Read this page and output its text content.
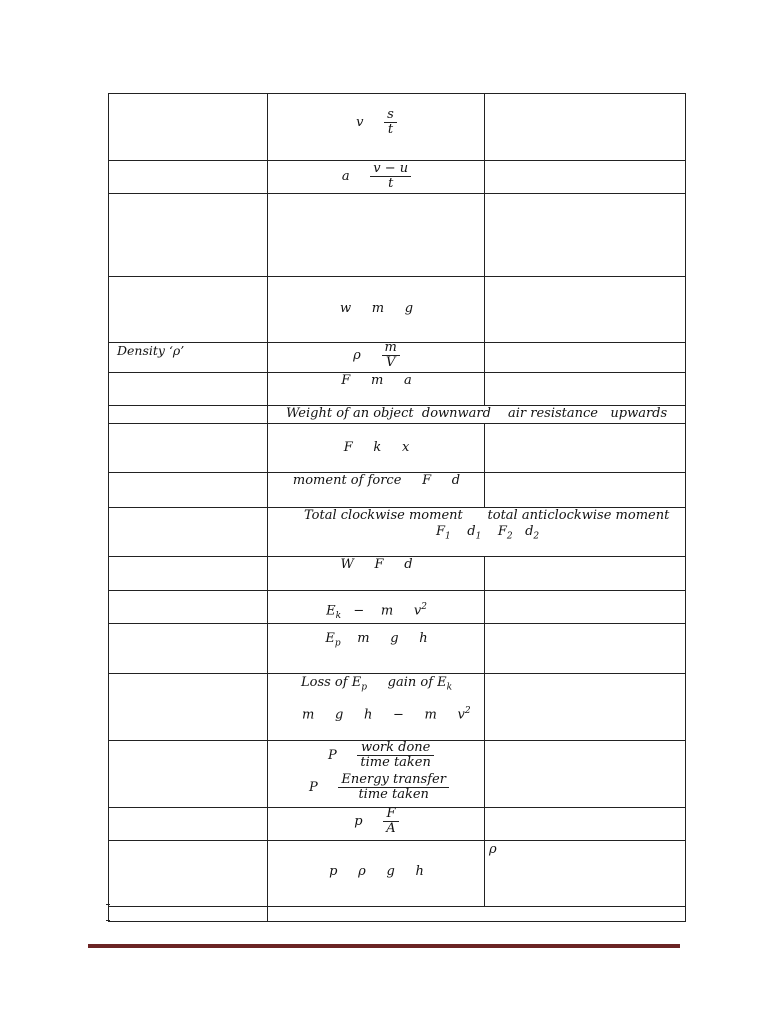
v $\frac{s}{t}$
a $\frac{v - u}{t}$
w     m     g
Density ‘ρ’	ρ $\frac{m}{V}$
F     m     a
Weight of an object  downward air resistance   upwards
F     k     x
moment of force     F     d
Total clockwise moment      total anticlockwise moment
$F_1$ $d_1$ $F_2$ $d_2$
W     F     d
$E_k$   −    m     $v^2$
$E_p$    m     g     h
Loss of $E_p$     gain of $E_k$
m     g     h     −     m     $v^2$
P $\frac{\text{work done}}{\text{time taken}}$
P $\frac{\text{Energy transfer}}{\text{time taken}}$
p $\frac{F}{A}$
p     ρ     g     h
ρ
